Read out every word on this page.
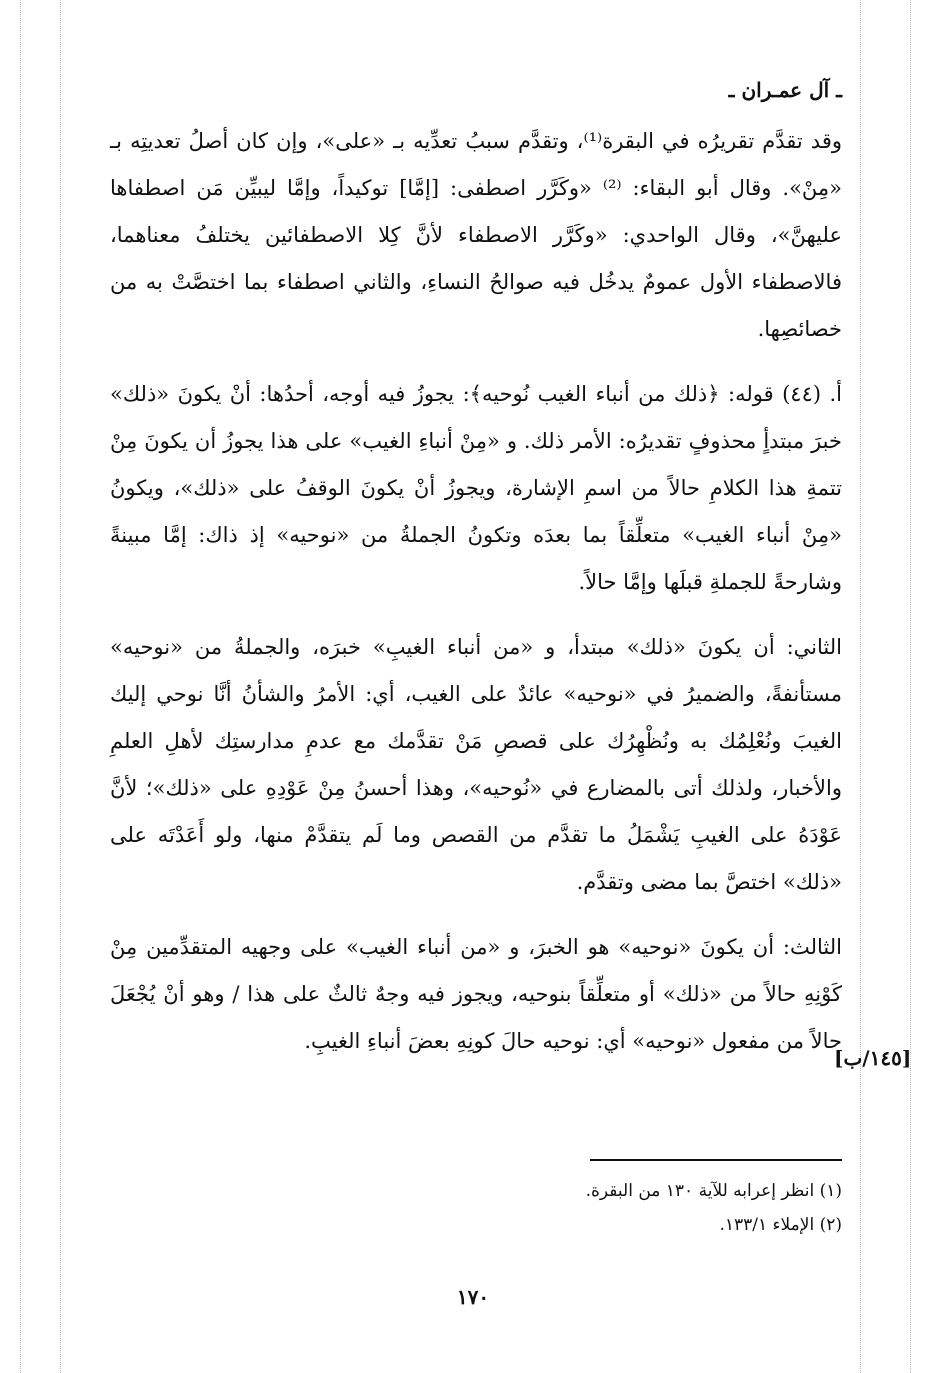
ـ آل عمـران ـ

وقد تقدَّم تقريرُه في البقرة⁽¹⁾، وتقدَّم سببُ تعدِّيه بـ «على»، وإن كان أصلُ تعديتِه بـ «مِنْ». وقال أبو البقاء: ⁽²⁾ «وكَرَّر اصطفى: [إمَّا] توكيداً، وإمَّا ليبيِّن مَن اصطفاها عليهنَّ»، وقال الواحدي: «وكَرَّر الاصطفاء لأنَّ كِلا الاصطفائين يختلفُ معناهما، فالاصطفاء الأول عمومٌ يدخُل فيه صوالحُ النساءِ، والثاني اصطفاء بما اختصَّتْ به من خصائصِها.

أ. (٤٤) قوله: ﴿ذلك من أنباء الغيب نُوحيه﴾: يجوزُ فيه أوجه، أحدُها: أنْ يكونَ «ذلك» خبرَ مبتدأٍ محذوفٍ تقديرُه: الأمر ذلك. و «مِنْ أنباءِ الغيب» على هذا يجوزُ أن يكونَ مِنْ تتمةِ هذا الكلامِ حالاً من اسمِ الإشارة، ويجوزُ أنْ يكونَ الوقفُ على «ذلك»، ويكونُ «مِنْ أنباء الغيب» متعلِّقاً بما بعدَه وتكونُ الجملةُ من «نوحيه» إذ ذاك: إمَّا مبينةً وشارحةً للجملةِ قبلَها وإمَّا حالاً.

الثاني: أن يكونَ «ذلك» مبتدأ، و «من أنباء الغيبِ» خبرَه، والجملةُ من «نوحيه» مستأنفةً، والضميرُ في «نوحيه» عائدٌ على الغيب، أي: الأمرُ والشأنُ أنَّا نوحي إليك الغيبَ ونُعْلِمُك به ونُظْهِرُك على قصصِ مَنْ تقدَّمك مع عدمِ مدارستِك لأهلِ العلمِ والأخبار، ولذلك أتى بالمضارع في «نُوحيه»، وهذا أحسنُ مِنْ عَوْدِهِ على «ذلك»؛ لأنَّ عَوْدَهُ على الغيبِ يَشْمَلُ ما تقدَّم من القصص وما لَم يتقدَّمْ منها، ولو أَعَدْتَه على «ذلك» اختصَّ بما مضى وتقدَّم.

الثالث: أن يكونَ «نوحيه» هو الخبرَ، و «من أنباء الغيب» على وجهيه المتقدِّمين مِنْ كَوْنِهِ حالاً من «ذلك» أو متعلِّقاً بنوحيه، ويجوز فيه وجهٌ ثالثٌ على هذا / وهو أنْ يُجْعَلَ حالاً من مفعول «نوحيه» أي: نوحيه حالَ كونِهِ بعضَ أنباءِ الغيبِ.

[١٤٥/ب]
(١) انظر إعرابه للآية ١٣٠ من البقرة.
(٢) الإملاء ١٣٣/١.
١٧٠
